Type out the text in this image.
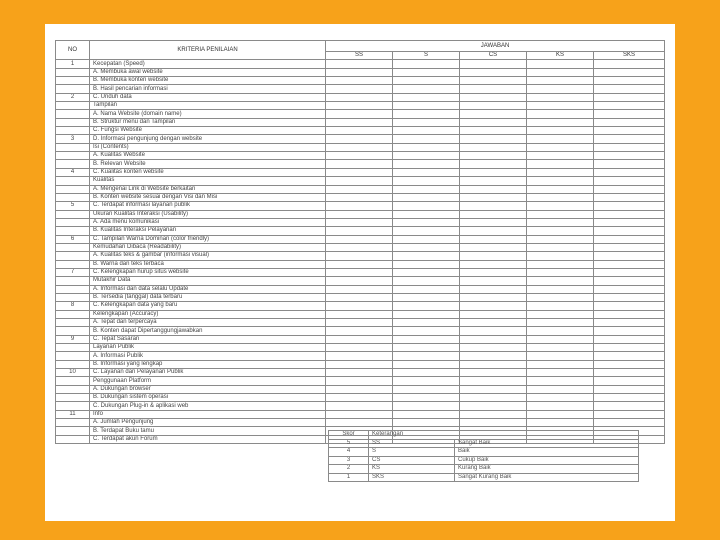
NO	KRITERIA PENILAIAN	JAWABAN				
		SS	S	CS	KS	SKS
1	Kecepatan (Speed)					
	A. Membuka awal website					
	B. Membuka konten website					
	B. Hasil pencarian informasi					
2	C. Unduh data					
	Tampilan					
	A. Nama Website (domain name)					
	B. Struktur menu dan Tampilan					
	C. Fungsi Website					
3	D. Informasi pengunjung dengan website					
	Isi (Contents)					
	A. Kualitas Website					
	B. Relevan Website					
4	C. Kualitas konten website					
	Kualitas					
	A. Mengenai Link di Website berkaitan					
	B. Konten website sesuai dengan Visi dan Misi					
5	C. Terdapat informasi layanan publik					
	Ukuran Kualitas Interaksi (Usability)					
	A. Ada menu komunikasi					
	B. Kualitas Interaksi Pelayanan					
6	C. Tampilan Warna Dominan (color friendly)					
	Kemudahan Dibaca (Readability)					
	A. Kualitas teks & gambar (informasi visual)					
	B. Warna dan teks terbaca					
7	C. Kelengkapan hurup situs website					
	Mutakhir Data					
	A. Informasi dan data selalu Update					
	B. Tersedia (tanggal) data terbaru					
8	C. Kelengkapan data yang baru					
	Kelengkapan (Accuracy)					
	A. Tepat dan terpercaya					
	B. Konten dapat Dipertanggungjawabkan					
9	C. Tepat Sasaran					
	Layanan Publik					
	A. Informasi Publik					
	B. Informasi yang lengkap					
10	C. Layanan dan Pelayanan Publik					
	Penggunaan Platform					
	A. Dukungan browser					
	B. Dukungan sistem operasi					
	C. Dukungan Plug-in & aplikasi web					
11	Info					
	A. Jumlah Pengunjung					
	B. Terdapat Buku tamu					
	C. Terdapat akun Forum					
Skor	Keterangan	
5	SS	Sangat Baik
4	S	Baik
3	CS	Cukup Baik
2	KS	Kurang Baik
1	SKS	Sangat Kurang Baik
